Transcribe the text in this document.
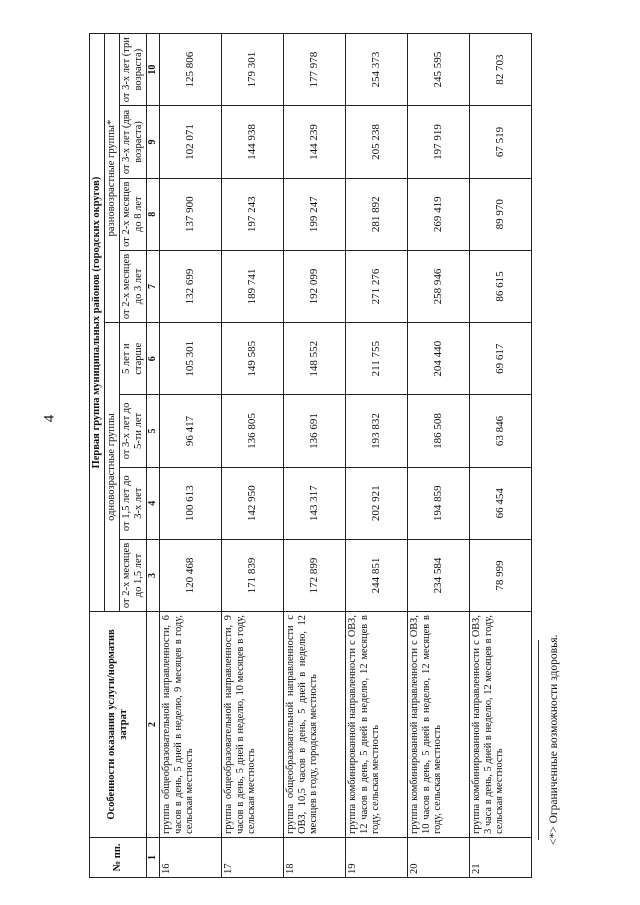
4
№ пп.	Особенности оказания услуги/норматив затрат	Первая группа муниципальных районов (городских округов)							
		одновозрастные группы				разновозрастные группы*			
		от 2-х месяцев до 1,5 лет	от 1,5 лет до 3-х лет	от 3-х лет до 5-ти лет	5 лет и старше	от 2-х месяцев до 3 лет	от 2-х месяцев до 8 лет	от 3-х лет (два возраста)	от 3-х лет (три возраста)
1	2	3	4	5	6	7	8	9	10
16	группа общеобразовательной направленности, 6 часов в день, 5 дней в неделю, 9 месяцев в году, сельская местность	120 468	100 613	96 417	105 301	132 699	137 900	102 071	125 806
17	группа общеобразовательной направленности, 9 часов в день, 5 дней в неделю, 10 месяцев в году, сельская местность	171 839	142 950	136 805	149 585	189 741	197 243	144 938	179 301
18	группа общеобразовательной направленности с ОВЗ, 10,5 часов в день, 5 дней в неделю, 12 месяцев в году, городская местность	172 899	143 317	136 691	148 552	192 099	199 247	144 239	177 978
19	группа комбинированной направленности с ОВЗ, 12 часов в день, 5 дней в неделю, 12 месяцев в году, сельская местность	244 851	202 921	193 832	211 755	271 276	281 892	205 238	254 373
20	группа комбинированной направленности с ОВЗ, 10 часов в день, 5 дней в неделю, 12 месяцев в году, сельская местность	234 584	194 859	186 508	204 440	258 946	269 419	197 919	245 595
21	группа комбинированной направленности с ОВЗ, 3 часа в день, 5 дней в неделю, 12 месяцев в году, сельская местность	78 999	66 454	63 846	69 617	86 615	89 970	67 519	82 703
<*> Ограниченные возможности здоровья.
